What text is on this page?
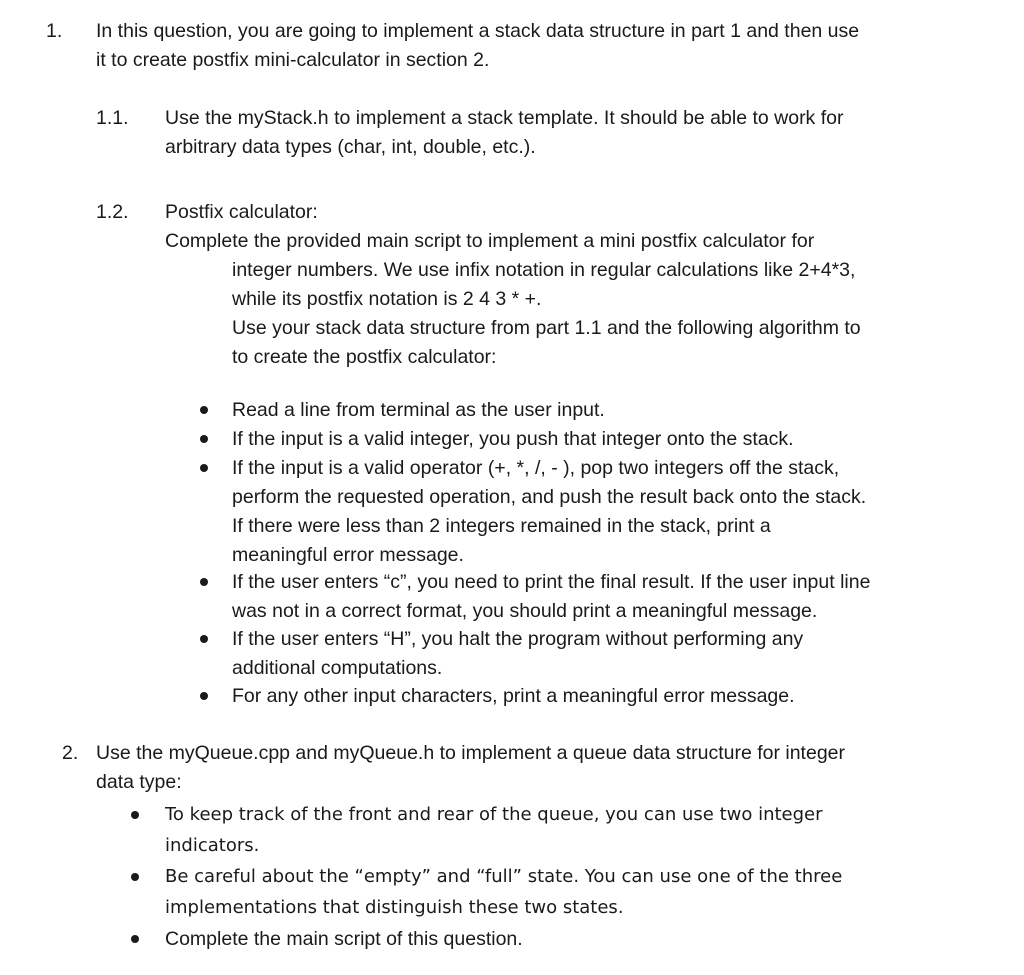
1. In this question, you are going to implement a stack data structure in part 1 and then use
it to create postfix mini-calculator in section 2.
1.1. Use the myStack.h to implement a stack template. It should be able to work for
arbitrary data types (char, int, double, etc.).
1.2. Postfix calculator:
Complete the provided main script to implement a mini postfix calculator for
integer numbers. We use infix notation in regular calculations like 2+4*3,
while its postfix notation is 2 4 3 * +.
Use your stack data structure from part 1.1 and the following algorithm to
to create the postfix calculator:
Read a line from terminal as the user input.
If the input is a valid integer, you push that integer onto the stack.
If the input is a valid operator (+, *, /, - ), pop two integers off the stack,
perform the requested operation, and push the result back onto the stack.
If there were less than 2 integers remained in the stack, print a
meaningful error message.
If the user enters “c”, you need to print the final result. If the user input line
was not in a correct format, you should print a meaningful message.
If the user enters “H”, you halt the program without performing any
additional computations.
For any other input characters, print a meaningful error message.
2. Use the myQueue.cpp and myQueue.h to implement a queue data structure for integer
data type:
To keep track of the front and rear of the queue, you can use two integer
indicators.
Be careful about the “empty” and “full” state. You can use one of the three
implementations that distinguish these two states.
Complete the main script of this question.
